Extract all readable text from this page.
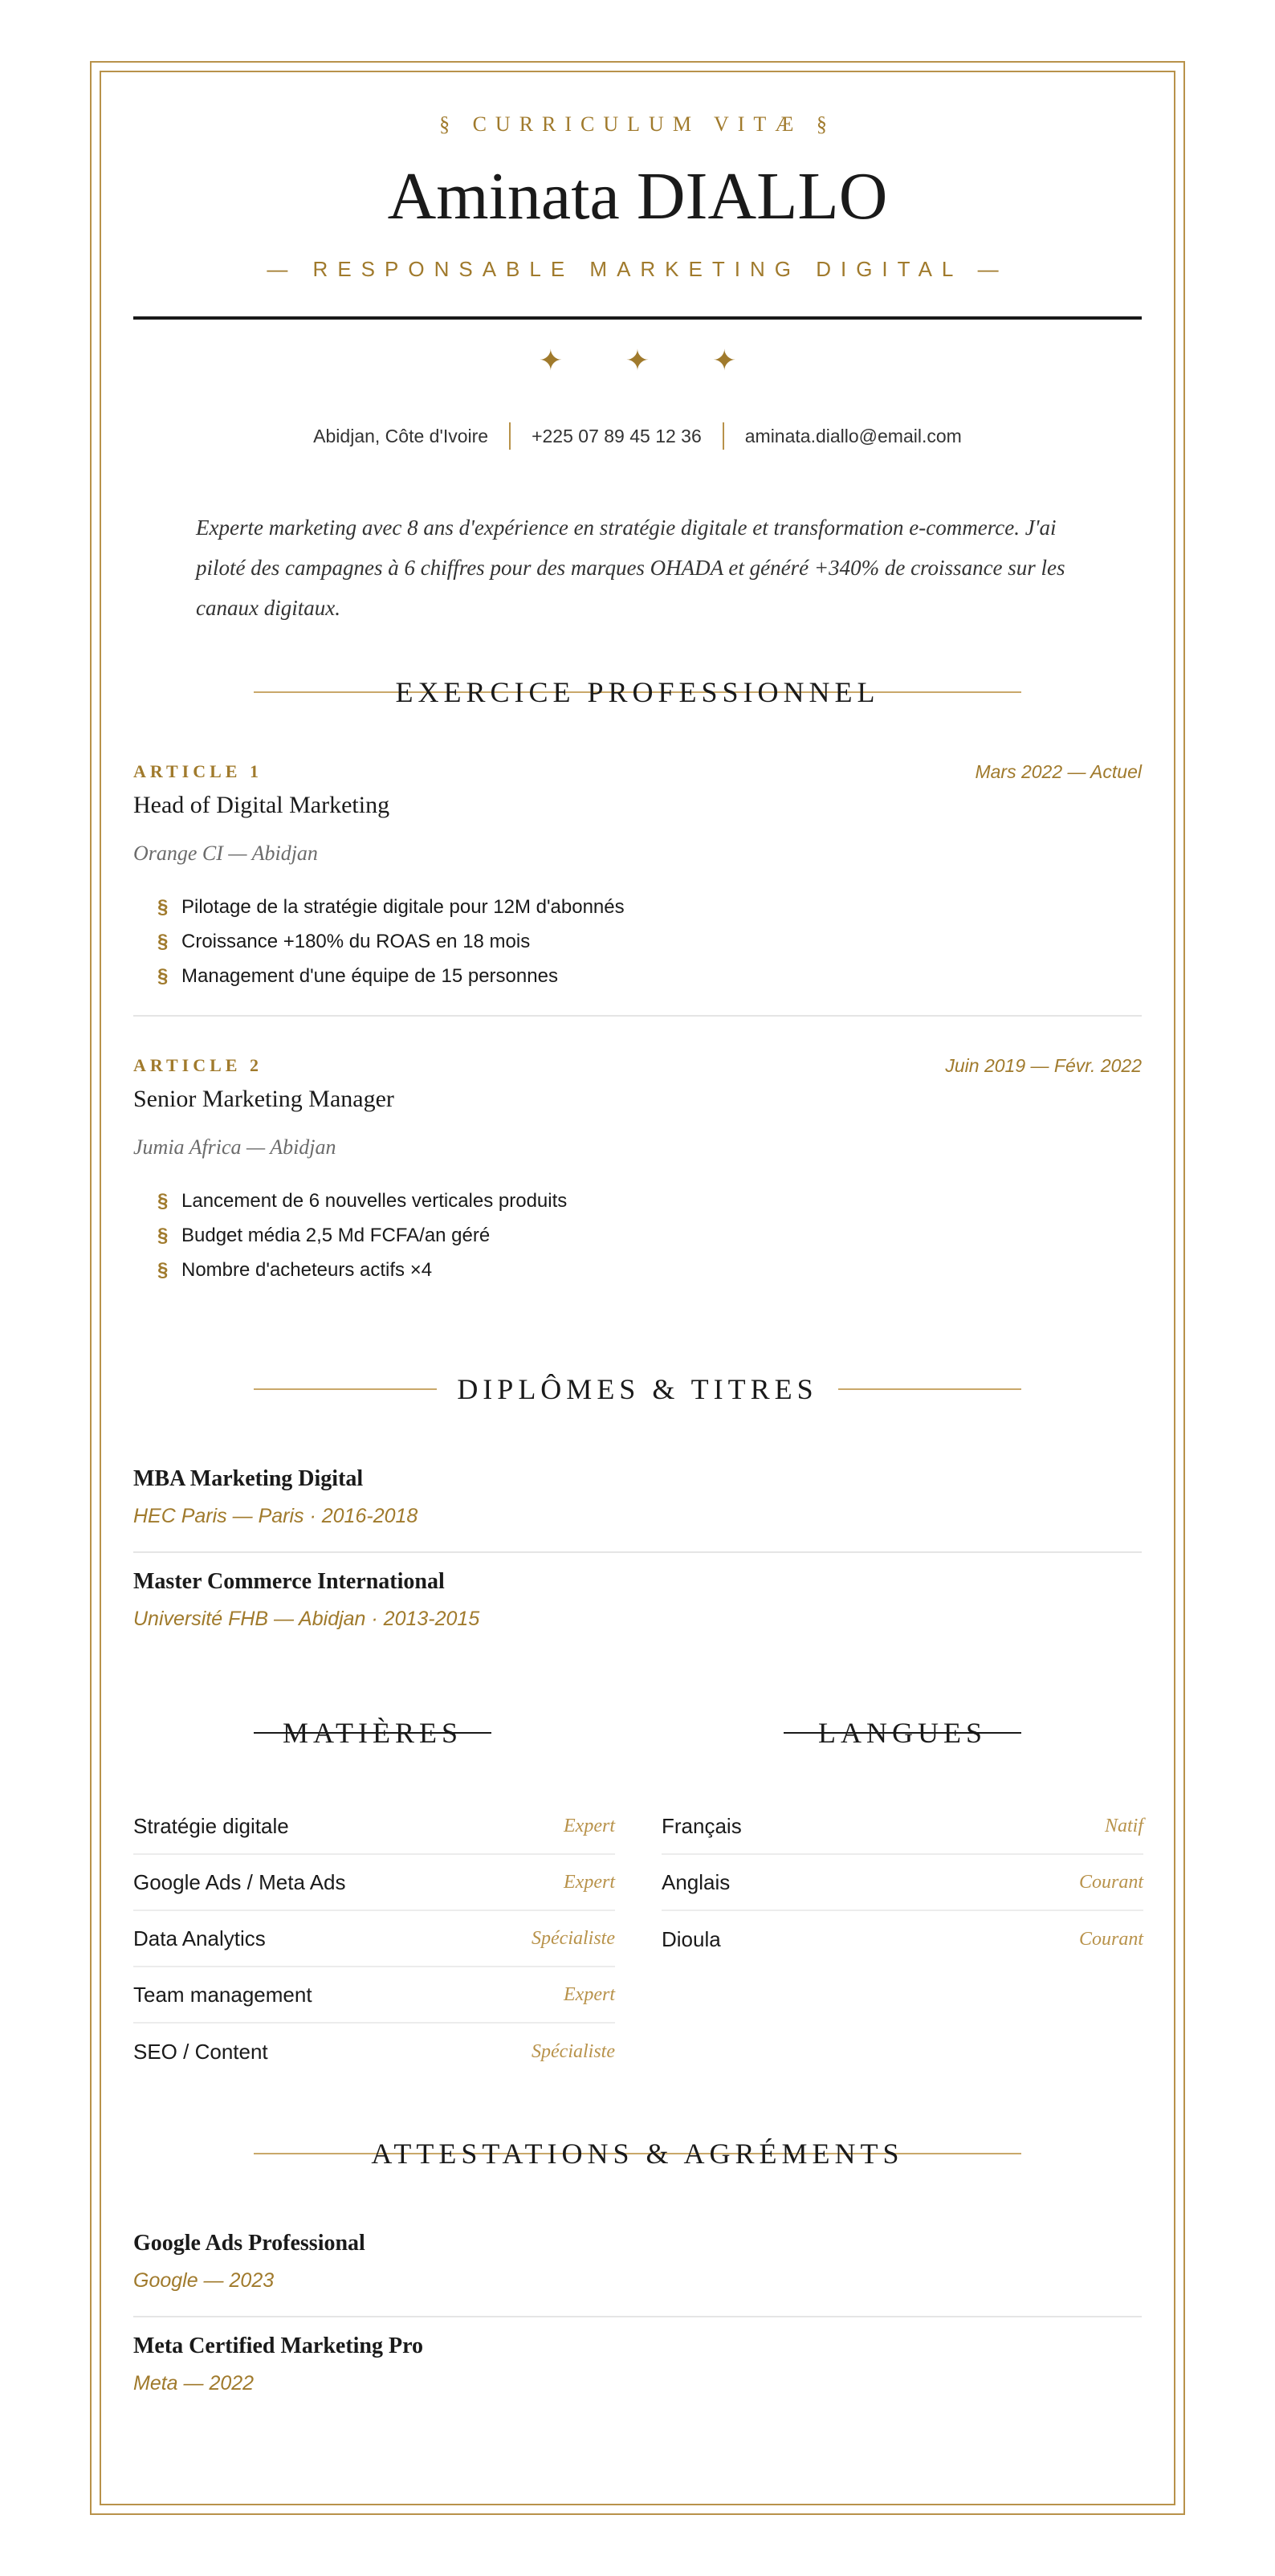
§ CURRICULUM VITÆ §
Aminata DIALLO
— RESPONSABLE MARKETING DIGITAL —
✦ ✦ ✦
Abidjan, Côte d'Ivoire	+225 07 89 45 12 36	aminata.diallo@email.com

Experte marketing avec 8 ans d'expérience en stratégie digitale et transformation e-commerce. J'ai piloté des campagnes à 6 chiffres pour des marques OHADA et généré +340% de croissance sur les canaux digitaux.

EXERCICE PROFESSIONNEL
ARTICLE 1	Mars 2022 — Actuel
Head of Digital Marketing
Orange CI — Abidjan
§ Pilotage de la stratégie digitale pour 12M d'abonnés
§ Croissance +180% du ROAS en 18 mois
§ Management d'une équipe de 15 personnes
ARTICLE 2	Juin 2019 — Févr. 2022
Senior Marketing Manager
Jumia Africa — Abidjan
§ Lancement de 6 nouvelles verticales produits
§ Budget média 2,5 Md FCFA/an géré
§ Nombre d'acheteurs actifs ×4
DIPLÔMES & TITRES
MBA Marketing Digital
HEC Paris — Paris · 2016-2018
Master Commerce International
Université FHB — Abidjan · 2013-2015
MATIÈRES	LANGUES
Stratégie digitale	Expert
Google Ads / Meta Ads	Expert
Data Analytics	Spécialiste
Team management	Expert
SEO / Content	Spécialiste
Français	Natif
Anglais	Courant
Dioula	Courant
ATTESTATIONS & AGRÉMENTS
Google Ads Professional
Google — 2023
Meta Certified Marketing Pro
Meta — 2022
